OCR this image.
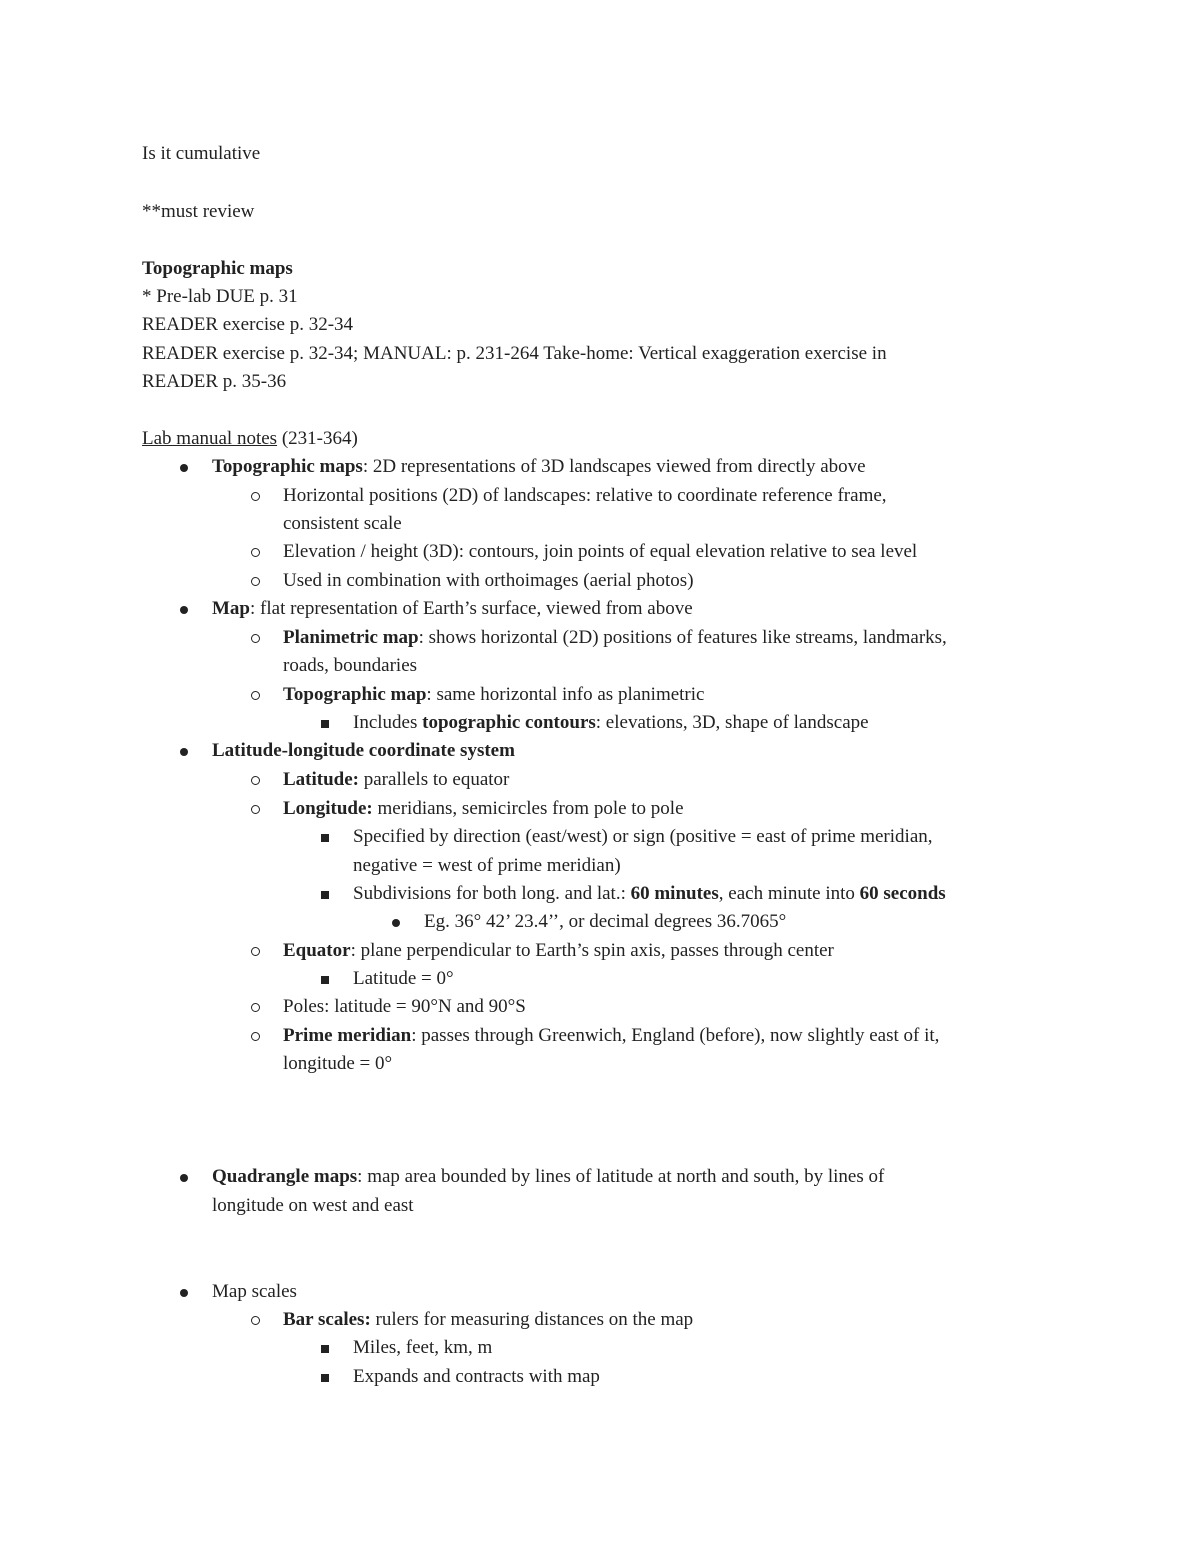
Is it cumulative
**must review
Topographic maps
* Pre-lab DUE p. 31
READER exercise p. 32-34
READER exercise p. 32-34; MANUAL: p. 231-264 Take-home: Vertical exaggeration exercise in
READER p. 35-36
Lab manual notes (231-364)
Topographic maps: 2D representations of 3D landscapes viewed from directly above
Horizontal positions (2D) of landscapes: relative to coordinate reference frame,
consistent scale
Elevation / height (3D): contours, join points of equal elevation relative to sea level
Used in combination with orthoimages (aerial photos)
Map: flat representation of Earth’s surface, viewed from above
Planimetric map: shows horizontal (2D) positions of features like streams, landmarks,
roads, boundaries
Topographic map: same horizontal info as planimetric
Includes topographic contours: elevations, 3D, shape of landscape
Latitude-longitude coordinate system
Latitude: parallels to equator
Longitude: meridians, semicircles from pole to pole
Specified by direction (east/west) or sign (positive = east of prime meridian,
negative = west of prime meridian)
Subdivisions for both long. and lat.: 60 minutes, each minute into 60 seconds
Eg. 36° 42’ 23.4’’, or decimal degrees 36.7065°
Equator: plane perpendicular to Earth’s spin axis, passes through center
Latitude = 0°
Poles: latitude = 90°N and 90°S
Prime meridian: passes through Greenwich, England (before), now slightly east of it,
longitude = 0°
Quadrangle maps: map area bounded by lines of latitude at north and south, by lines of
longitude on west and east
Map scales
Bar scales: rulers for measuring distances on the map
Miles, feet, km, m
Expands and contracts with map
